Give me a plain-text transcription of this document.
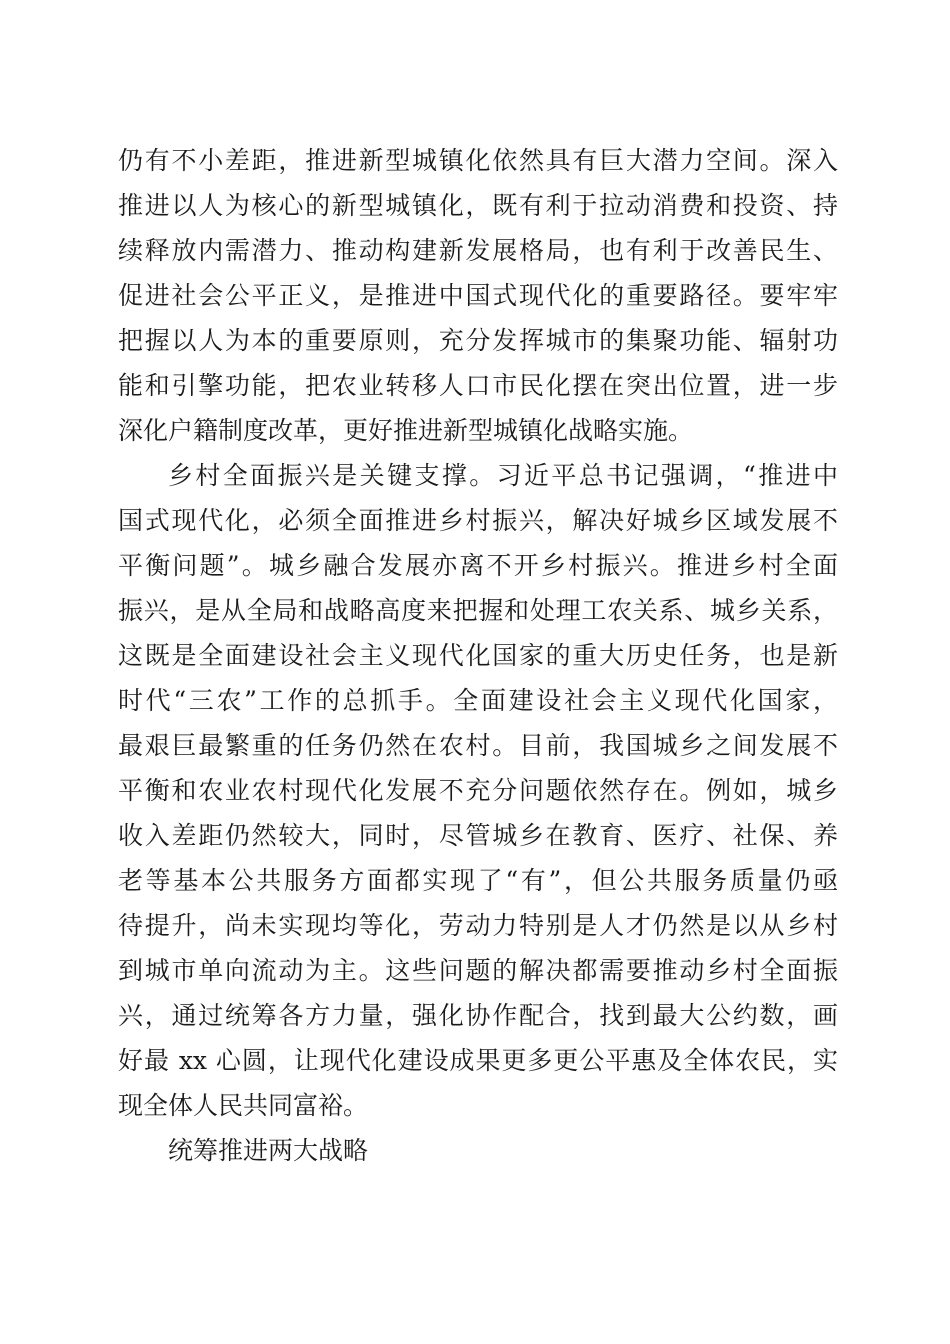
仍有不小差距，推进新型城镇化依然具有巨大潜力空间。深入
推进以人为核心的新型城镇化，既有利于拉动消费和投资、持
续释放内需潜力、推动构建新发展格局，也有利于改善民生、
促进社会公平正义，是推进中国式现代化的重要路径。要牢牢
把握以人为本的重要原则，充分发挥城市的集聚功能、辐射功
能和引擎功能，把农业转移人口市民化摆在突出位置，进一步
深化户籍制度改革，更好推进新型城镇化战略实施。
乡村全面振兴是关键支撑。习近平总书记强调，“推进中
国式现代化，必须全面推进乡村振兴，解决好城乡区域发展不
平衡问题”。城乡融合发展亦离不开乡村振兴。推进乡村全面
振兴，是从全局和战略高度来把握和处理工农关系、城乡关系，
这既是全面建设社会主义现代化国家的重大历史任务，也是新
时代“三农”工作的总抓手。全面建设社会主义现代化国家，
最艰巨最繁重的任务仍然在农村。目前，我国城乡之间发展不
平衡和农业农村现代化发展不充分问题依然存在。例如，城乡
收入差距仍然较大，同时，尽管城乡在教育、医疗、社保、养
老等基本公共服务方面都实现了“有”，但公共服务质量仍亟
待提升，尚未实现均等化，劳动力特别是人才仍然是以从乡村
到城市单向流动为主。这些问题的解决都需要推动乡村全面振
兴，通过统筹各方力量，强化协作配合，找到最大公约数，画
好最 xx 心圆，让现代化建设成果更多更公平惠及全体农民，实
现全体人民共同富裕。
统筹推进两大战略
